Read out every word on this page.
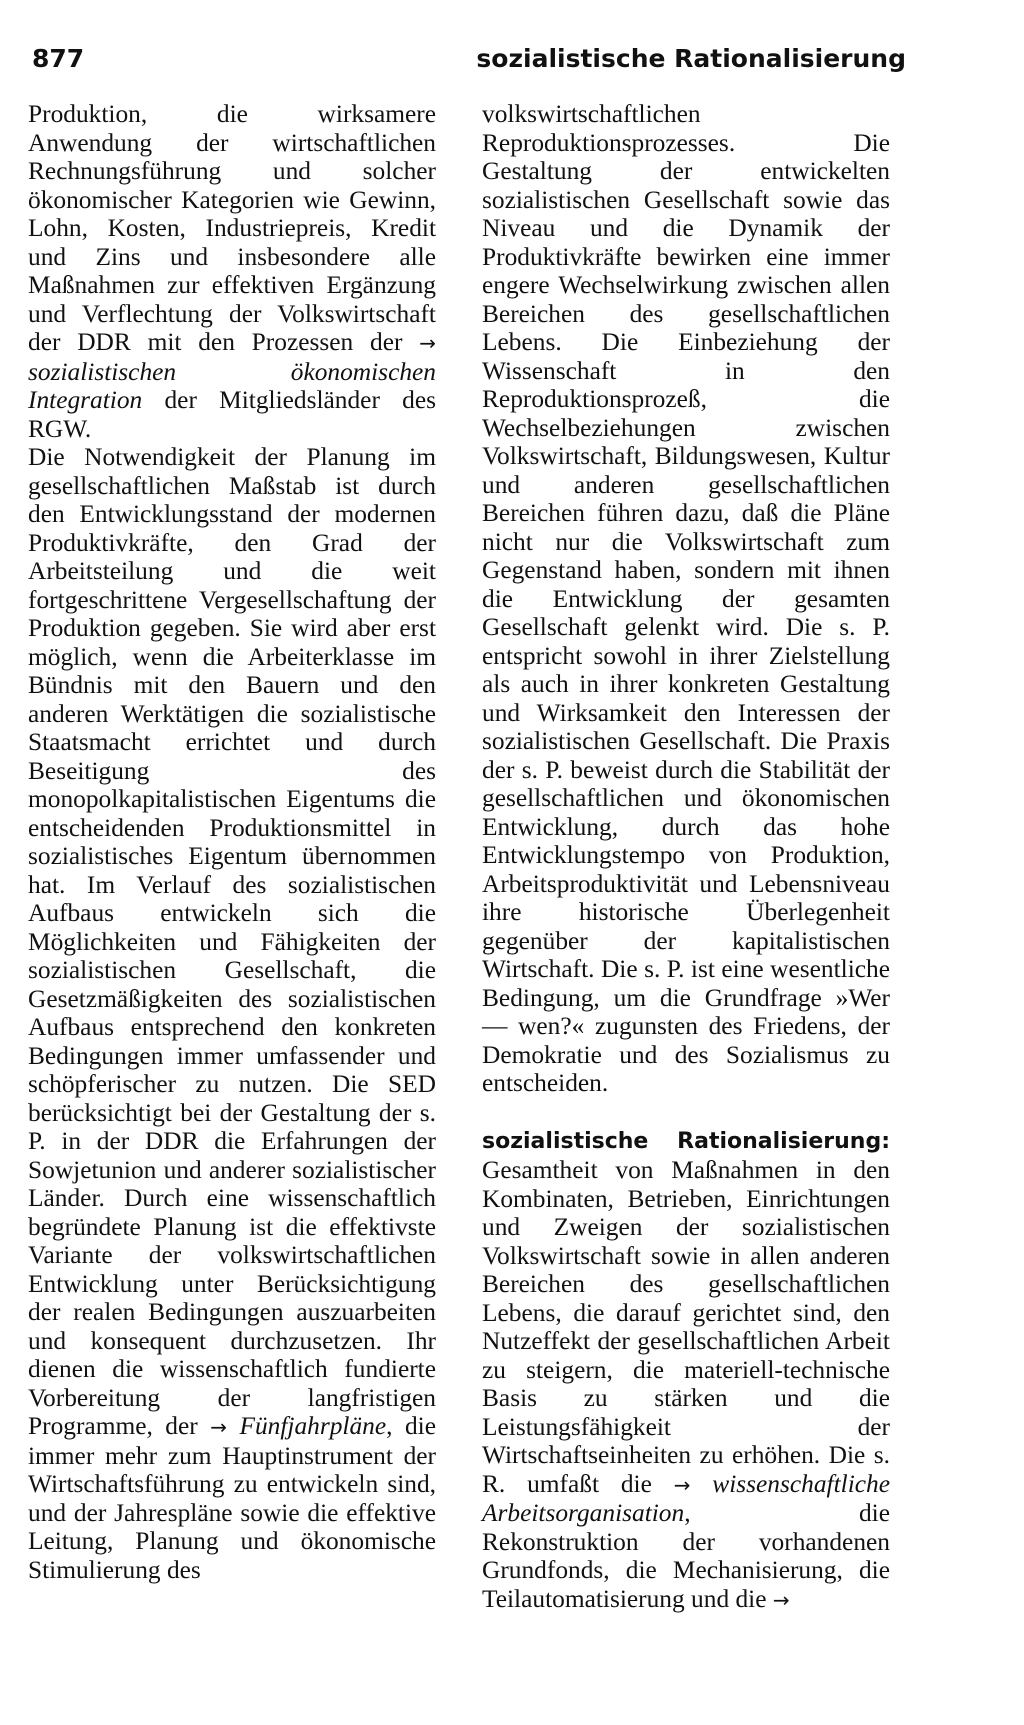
877	sozialistische Rationalisierung

Produktion, die wirksamere Anwendung der wirtschaftlichen Rechnungsführung und solcher ökonomischer Kategorien wie Gewinn, Lohn, Kosten, Industriepreis, Kredit und Zins und insbesondere alle Maßnahmen zur effektiven Ergänzung und Verflechtung der Volkswirtschaft der DDR mit den Prozessen der → sozialistischen ökonomischen Integration der Mitgliedsländer des RGW.

Die Notwendigkeit der Planung im gesellschaftlichen Maßstab ist durch den Entwicklungsstand der modernen Produktivkräfte, den Grad der Arbeitsteilung und die weit fortgeschrittene Vergesellschaftung der Produktion gegeben. Sie wird aber erst möglich, wenn die Arbeiterklasse im Bündnis mit den Bauern und den anderen Werktätigen die sozialistische Staatsmacht errichtet und durch Beseitigung des monopolkapitalistischen Eigentums die entscheidenden Produktionsmittel in sozialistisches Eigentum übernommen hat. Im Verlauf des sozialistischen Aufbaus entwickeln sich die Möglichkeiten und Fähigkeiten der sozialistischen Gesellschaft, die Gesetzmäßigkeiten des sozialistischen Aufbaus entsprechend den konkreten Bedingungen immer umfassender und schöpferischer zu nutzen. Die SED berücksichtigt bei der Gestaltung der s. P. in der DDR die Erfahrungen der Sowjetunion und anderer sozialistischer Länder. Durch eine wissenschaftlich begründete Planung ist die effektivste Variante der volkswirtschaftlichen Entwicklung unter Berücksichtigung der realen Bedingungen auszuarbeiten und konsequent durchzusetzen. Ihr dienen die wissenschaftlich fundierte Vorbereitung der langfristigen Programme, der → Fünfjahrpläne, die immer mehr zum Hauptinstrument der Wirtschaftsführung zu entwickeln sind, und der Jahrespläne sowie die effektive Leitung, Planung und ökonomische Stimulierung des

volkswirtschaftlichen Reproduktionsprozesses. Die Gestaltung der entwickelten sozialistischen Gesellschaft sowie das Niveau und die Dynamik der Produktivkräfte bewirken eine immer engere Wechselwirkung zwischen allen Bereichen des gesellschaftlichen Lebens. Die Einbeziehung der Wissenschaft in den Reproduktionsprozeß, die Wechselbeziehungen zwischen Volkswirtschaft, Bildungswesen, Kultur und anderen gesellschaftlichen Bereichen führen dazu, daß die Pläne nicht nur die Volkswirtschaft zum Gegenstand haben, sondern mit ihnen die Entwicklung der gesamten Gesellschaft gelenkt wird. Die s. P. entspricht sowohl in ihrer Zielstellung als auch in ihrer konkreten Gestaltung und Wirksamkeit den Interessen der sozialistischen Gesellschaft. Die Praxis der s. P. beweist durch die Stabilität der gesellschaftlichen und ökonomischen Entwicklung, durch das hohe Entwicklungstempo von Produktion, Arbeitsproduktivität und Lebensniveau ihre historische Überlegenheit gegenüber der kapitalistischen Wirtschaft. Die s. P. ist eine wesentliche Bedingung, um die Grundfrage »Wer — wen?« zugunsten des Friedens, der Demokratie und des Sozialismus zu entscheiden.

sozialistische Rationalisierung: Gesamtheit von Maßnahmen in den Kombinaten, Betrieben, Einrichtungen und Zweigen der sozialistischen Volkswirtschaft sowie in allen anderen Bereichen des gesellschaftlichen Lebens, die darauf gerichtet sind, den Nutzeffekt der gesellschaftlichen Arbeit zu steigern, die materiell-technische Basis zu stärken und die Leistungsfähigkeit der Wirtschaftseinheiten zu erhöhen. Die s. R. umfaßt die → wissenschaftliche Arbeitsorganisation, die Rekonstruktion der vorhandenen Grundfonds, die Mechanisierung, die Teilautomatisierung und die →
